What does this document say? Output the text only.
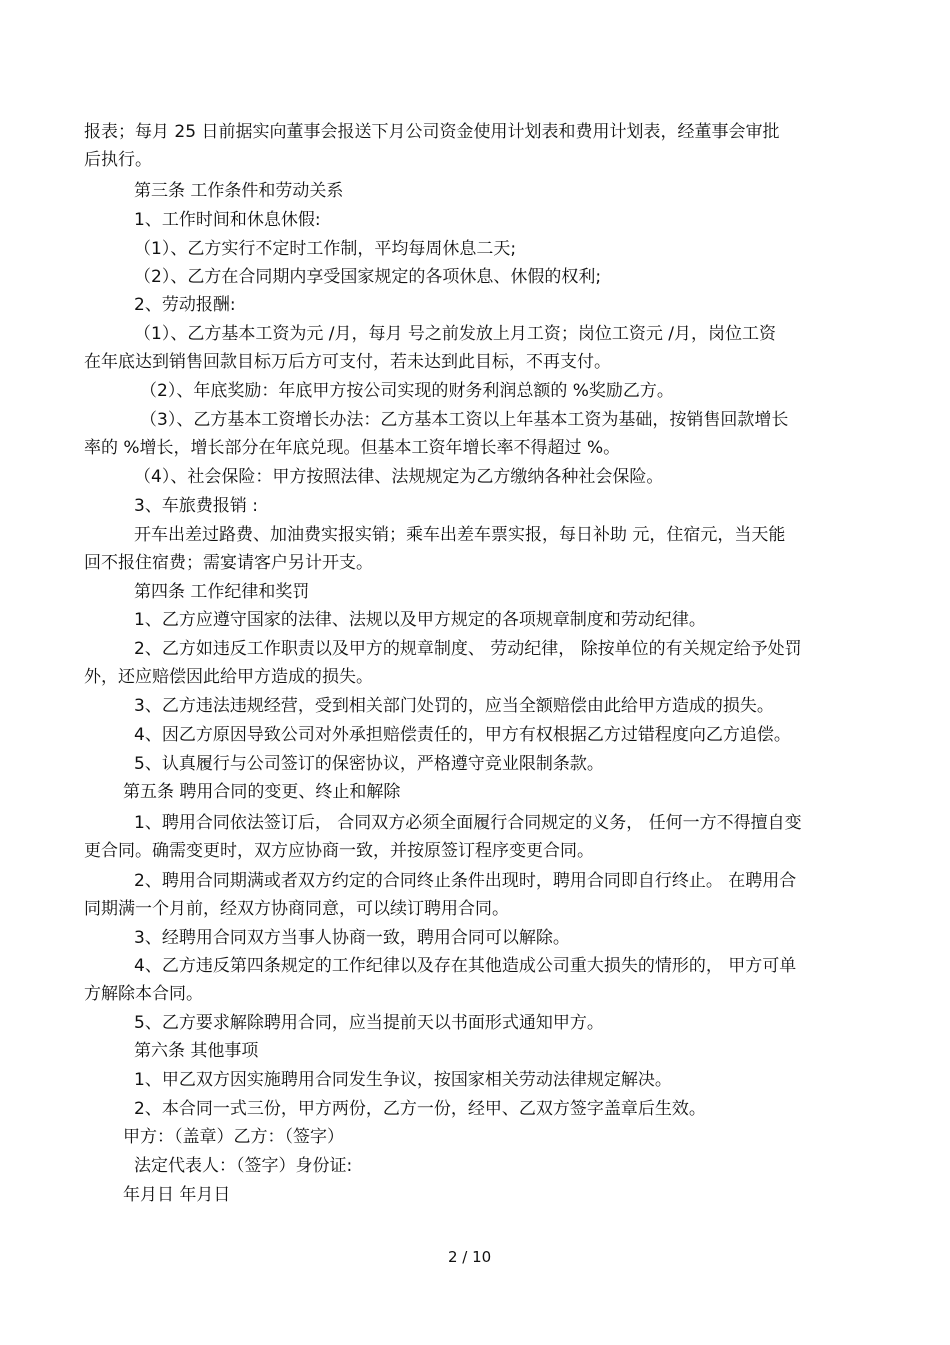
报表；每月 25 日前据实向董事会报送下月公司资金使用计划表和费用计划表，经董事会审批
后执行。
第三条 工作条件和劳动关系
1、工作时间和休息休假:
（1）、乙方实行不定时工作制，平均每周休息二天;
（2）、乙方在合同期内享受国家规定的各项休息、休假的权利;
2、劳动报酬:
（1）、乙方基本工资为元 /月，每月 号之前发放上月工资；岗位工资元 /月，岗位工资
在年底达到销售回款目标万后方可支付，若未达到此目标，不再支付。
（2）、年底奖励：年底甲方按公司实现的财务利润总额的 %奖励乙方。
（3）、乙方基本工资增长办法：乙方基本工资以上年基本工资为基础，按销售回款增长
率的 %增长，增长部分在年底兑现。但基本工资年增长率不得超过 %。
（4）、社会保险：甲方按照法律、法规规定为乙方缴纳各种社会保险。
3、车旅费报销 :
开车出差过路费、加油费实报实销；乘车出差车票实报，每日补助 元，住宿元，当天能
回不报住宿费；需宴请客户另计开支。
第四条 工作纪律和奖罚
1、乙方应遵守国家的法律、法规以及甲方规定的各项规章制度和劳动纪律。
2、乙方如违反工作职责以及甲方的规章制度、 劳动纪律， 除按单位的有关规定给予处罚
外，还应赔偿因此给甲方造成的损失。
3、乙方违法违规经营，受到相关部门处罚的，应当全额赔偿由此给甲方造成的损失。
4、因乙方原因导致公司对外承担赔偿责任的，甲方有权根据乙方过错程度向乙方追偿。
5、认真履行与公司签订的保密协议，严格遵守竞业限制条款。
第五条 聘用合同的变更、终止和解除
1、聘用合同依法签订后， 合同双方必须全面履行合同规定的义务， 任何一方不得擅自变
更合同。确需变更时，双方应协商一致，并按原签订程序变更合同。
2、聘用合同期满或者双方约定的合同终止条件出现时，聘用合同即自行终止。 在聘用合
同期满一个月前，经双方协商同意，可以续订聘用合同。
3、经聘用合同双方当事人协商一致，聘用合同可以解除。
4、乙方违反第四条规定的工作纪律以及存在其他造成公司重大损失的情形的， 甲方可单
方解除本合同。
5、乙方要求解除聘用合同，应当提前天以书面形式通知甲方。
第六条 其他事项
1、甲乙双方因实施聘用合同发生争议，按国家相关劳动法律规定解决。
2、本合同一式三份，甲方两份，乙方一份，经甲、乙双方签字盖章后生效。
甲方：（盖章）乙方：（签字）
法定代表人：（签字）身份证:
年月日 年月日
2 / 10
